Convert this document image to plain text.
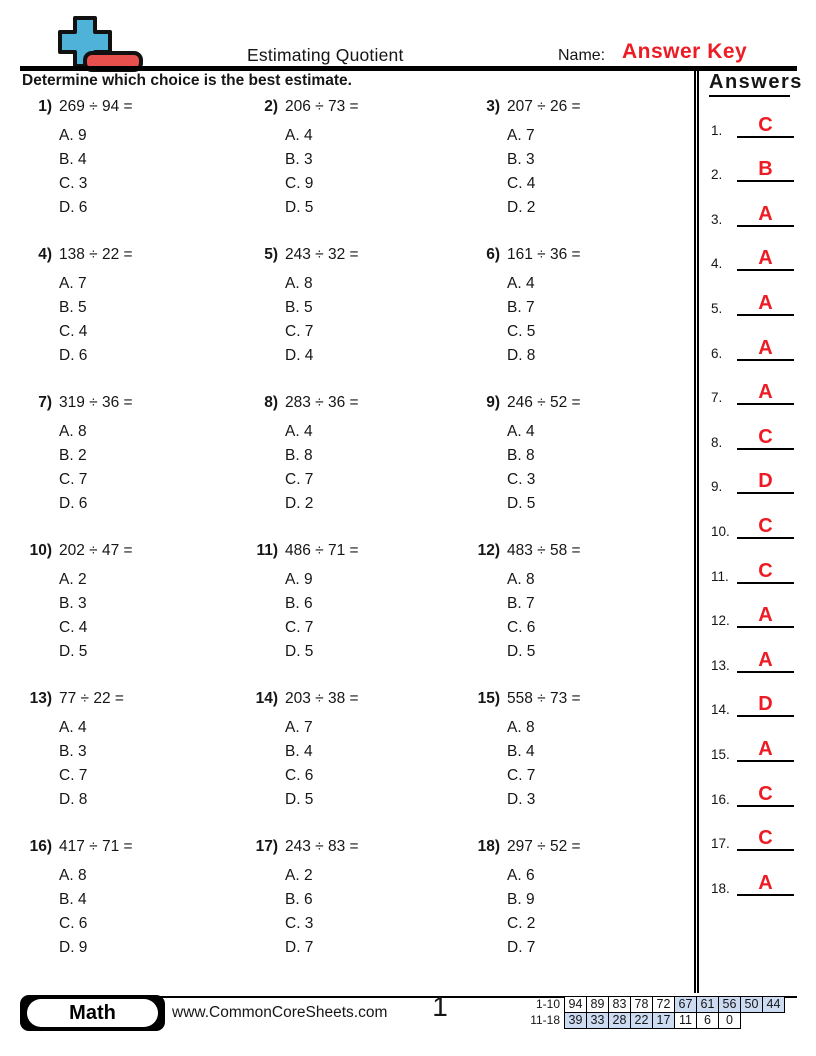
Estimating Quotient	Name: Answer Key
Determine which choice is the best estimate.	Answers
1.	C
2.	B
3.	A
4.	A
5.	A
6.	A
7.	A
8.	C
9.	D
10.	C
11.	C
12.	A
13.	A
14.	D
15.	A
16.	C
17.	C
18.	A
1) 269 ÷ 94 =
A. 9
B. 4
C. 3
D. 6
2) 206 ÷ 73 =
A. 4
B. 3
C. 9
D. 5
3) 207 ÷ 26 =
A. 7
B. 3
C. 4
D. 2
4) 138 ÷ 22 =
A. 7
B. 5
C. 4
D. 6
5) 243 ÷ 32 =
A. 8
B. 5
C. 7
D. 4
6) 161 ÷ 36 =
A. 4
B. 7
C. 5
D. 8
7) 319 ÷ 36 =
A. 8
B. 2
C. 7
D. 6
8) 283 ÷ 36 =
A. 4
B. 8
C. 7
D. 2
9) 246 ÷ 52 =
A. 4
B. 8
C. 3
D. 5
10) 202 ÷ 47 =
A. 2
B. 3
C. 4
D. 5
11) 486 ÷ 71 =
A. 9
B. 6
C. 7
D. 5
12) 483 ÷ 58 =
A. 8
B. 7
C. 6
D. 5
13) 77 ÷ 22 =
A. 4
B. 3
C. 7
D. 8
14) 203 ÷ 38 =
A. 7
B. 4
C. 6
D. 5
15) 558 ÷ 73 =
A. 8
B. 4
C. 7
D. 3
16) 417 ÷ 71 =
A. 8
B. 4
C. 6
D. 9
17) 243 ÷ 83 =
A. 2
B. 6
C. 3
D. 7
18) 297 ÷ 52 =
A. 6
B. 9
C. 2
D. 7
Math	www.CommonCoreSheets.com	1	1-10 94 89 83 78 72 67 61 56 50 44
11-18 39 33 28 22 17 11 6	0
